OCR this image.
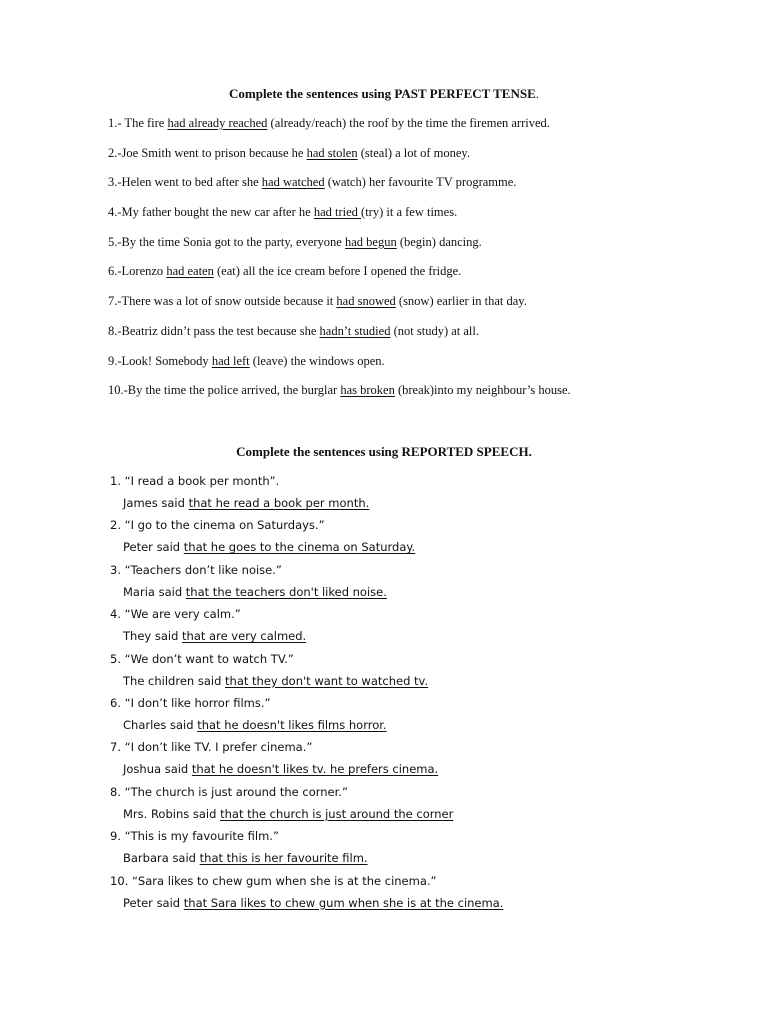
Complete the sentences using PAST PERFECT TENSE.
1.- The fire had already reached (already/reach) the roof by the time the firemen arrived.
2.-Joe Smith went to prison because he had stolen (steal) a lot of money.
3.-Helen went to bed after she had watched (watch) her favourite TV programme.
4.-My father bought the new car after he had tried (try) it a few times.
5.-By the time Sonia got to the party, everyone had begun (begin) dancing.
6.-Lorenzo had eaten (eat) all the ice cream before I opened the fridge.
7.-There was a lot of snow outside because it had snowed (snow) earlier in that day.
8.-Beatriz didn’t pass the test because she hadn’t studied (not study) at all.
9.-Look! Somebody had left (leave) the windows open.
10.-By the time the police arrived, the burglar has broken (break)into my neighbour’s house.
Complete the sentences using REPORTED SPEECH.
1. “I read a book per month”.
James said that he read a book per month.
2. “I go to the cinema on Saturdays.”
Peter said that he goes to the cinema on Saturday.
3. “Teachers don’t like noise.”
Maria said that the teachers don't liked noise.
4. “We are very calm.”
They said that are very calmed.
5. “We don’t want to watch TV.”
The children said that they don't want to watched tv.
6. “I don’t like horror films.”
Charles said that he doesn't likes films horror.
7. “I don’t like TV. I prefer cinema.”
Joshua said that he doesn't likes tv. he prefers cinema.
8. “The church is just around the corner.”
Mrs. Robins said that the church is just around the corner
9. “This is my favourite film.”
Barbara said that this is her favourite film.
10. “Sara likes to chew gum when she is at the cinema.”
Peter said that Sara likes to chew gum when she is at the cinema.
